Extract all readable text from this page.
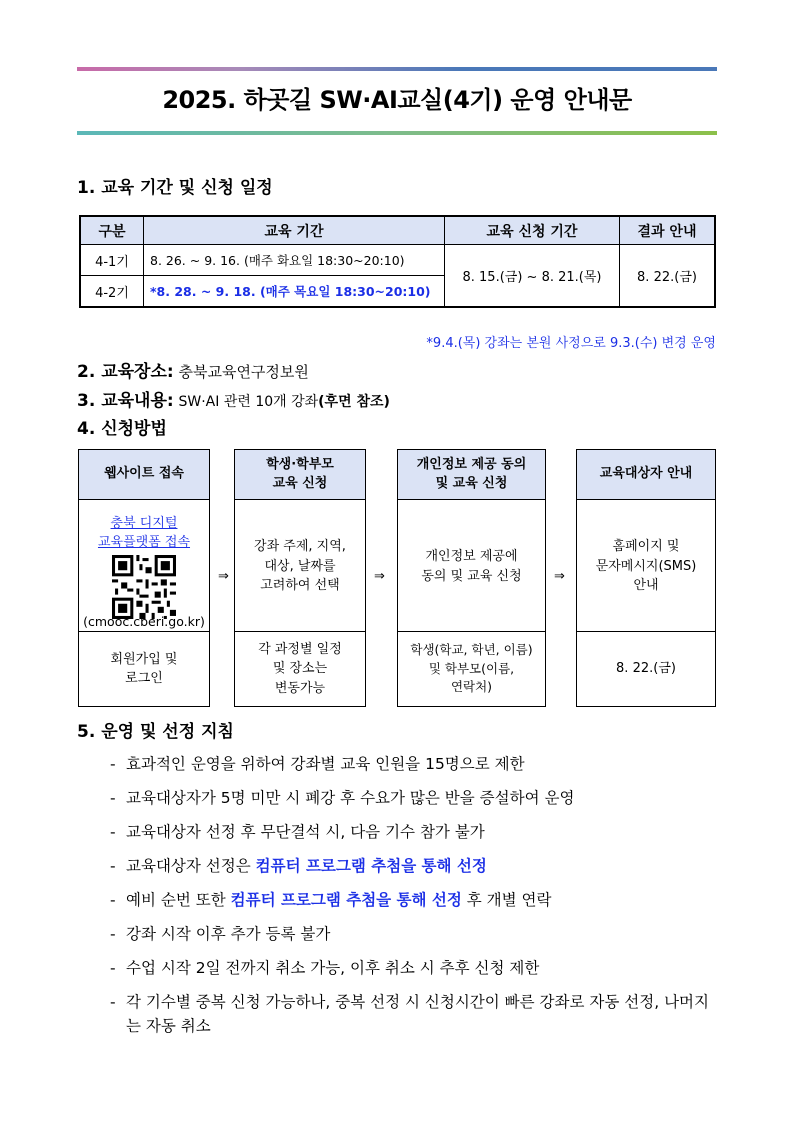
2025. 하곳길 SW·AI교실(4기) 운영 안내문
1. 교육 기간 및 신청 일정
구분	교육 기간	교육 신청 기간	결과 안내
4-1기	8. 26. ~ 9. 16. (매주 화요일 18:30~20:10)	8. 15.(금) ~ 8. 21.(목)	8. 22.(금)
4-2기	*8. 28. ~ 9. 18. (매주 목요일 18:30~20:10)		
*9.4.(목) 강좌는 본원 사정으로 9.3.(수) 변경 운영
2. 교육장소: 충북교육연구정보원
3. 교육내용: SW·AI 관련 10개 강좌(후면 참조)
4. 신청방법
웹사이트 접속
충북 디지털
교육플랫폼 접속
(cmooc.cberi.go.kr)
회원가입 및
로그인
⇒
학생·학부모
교육 신청
강좌 주제, 지역,
대상, 날짜를
고려하여 선택
각 과정별 일정
및 장소는
변동가능
⇒
개인정보 제공 동의
및 교육 신청
개인정보 제공에
동의 및 교육 신청
학생(학교, 학년, 이름)
및 학부모(이름,
연락처)
⇒
교육대상자 안내
홈페이지 및
문자메시지(SMS)
안내
8. 22.(금)
5. 운영 및 선정 지침
- 효과적인 운영을 위하여 강좌별 교육 인원을 15명으로 제한
- 교육대상자가 5명 미만 시 폐강 후 수요가 많은 반을 증설하여 운영
- 교육대상자 선정 후 무단결석 시, 다음 기수 참가 불가
- 교육대상자 선정은 컴퓨터 프로그램 추첨을 통해 선정
- 예비 순번 또한 컴퓨터 프로그램 추첨을 통해 선정 후 개별 연락
- 강좌 시작 이후 추가 등록 불가
- 수업 시작 2일 전까지 취소 가능, 이후 취소 시 추후 신청 제한
- 각 기수별 중복 신청 가능하나, 중복 선정 시 신청시간이 빠른 강좌로 자동 선정, 나머지는 자동 취소
